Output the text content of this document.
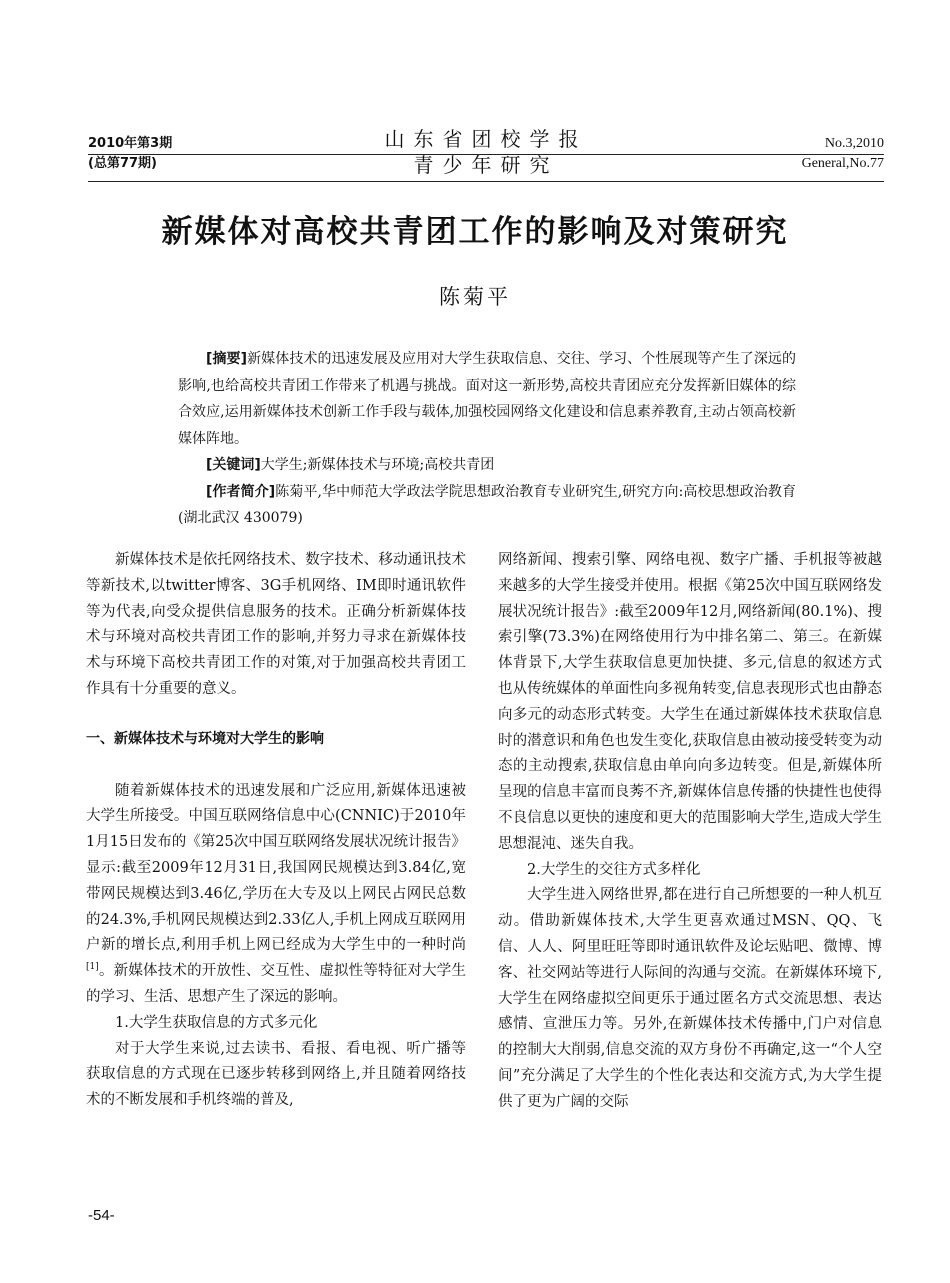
2010年第3期
(总第77期)
山东省团校学报
青少年研究
No.3,2010
General,No.77
新媒体对高校共青团工作的影响及对策研究
陈菊平

[摘要]新媒体技术的迅速发展及应用对大学生获取信息、交往、学习、个性展现等产生了深远的影响,也给高校共青团工作带来了机遇与挑战。面对这一新形势,高校共青团应充分发挥新旧媒体的综合效应,运用新媒体技术创新工作手段与载体,加强校园网络文化建设和信息素养教育,主动占领高校新媒体阵地。

[关键词]大学生;新媒体技术与环境;高校共青团

[作者简介]陈菊平,华中师范大学政法学院思想政治教育专业研究生,研究方向:高校思想政治教育(湖北武汉 430079)

新媒体技术是依托网络技术、数字技术、移动通讯技术等新技术,以twitter博客、3G手机网络、IM即时通讯软件等为代表,向受众提供信息服务的技术。正确分析新媒体技术与环境对高校共青团工作的影响,并努力寻求在新媒体技术与环境下高校共青团工作的对策,对于加强高校共青团工作具有十分重要的意义。

一、新媒体技术与环境对大学生的影响

随着新媒体技术的迅速发展和广泛应用,新媒体迅速被大学生所接受。中国互联网络信息中心(CNNIC)于2010年1月15日发布的《第25次中国互联网络发展状况统计报告》显示:截至2009年12月31日,我国网民规模达到3.84亿,宽带网民规模达到3.46亿,学历在大专及以上网民占网民总数的24.3%,手机网民规模达到2.33亿人,手机上网成互联网用户新的增长点,利用手机上网已经成为大学生中的一种时尚[1]。新媒体技术的开放性、交互性、虚拟性等特征对大学生的学习、生活、思想产生了深远的影响。

1.大学生获取信息的方式多元化

对于大学生来说,过去读书、看报、看电视、听广播等获取信息的方式现在已逐步转移到网络上,并且随着网络技术的不断发展和手机终端的普及,

网络新闻、搜索引擎、网络电视、数字广播、手机报等被越来越多的大学生接受并使用。根据《第25次中国互联网络发展状况统计报告》:截至2009年12月,网络新闻(80.1%)、搜索引擎(73.3%)在网络使用行为中排名第二、第三。在新媒体背景下,大学生获取信息更加快捷、多元,信息的叙述方式也从传统媒体的单面性向多视角转变,信息表现形式也由静态向多元的动态形式转变。大学生在通过新媒体技术获取信息时的潜意识和角色也发生变化,获取信息由被动接受转变为动态的主动搜索,获取信息由单向向多边转变。但是,新媒体所呈现的信息丰富而良莠不齐,新媒体信息传播的快捷性也使得不良信息以更快的速度和更大的范围影响大学生,造成大学生思想混沌、迷失自我。

2.大学生的交往方式多样化

大学生进入网络世界,都在进行自己所想要的一种人机互动。借助新媒体技术,大学生更喜欢通过MSN、QQ、飞信、人人、阿里旺旺等即时通讯软件及论坛贴吧、微博、博客、社交网站等进行人际间的沟通与交流。在新媒体环境下,大学生在网络虚拟空间更乐于通过匿名方式交流思想、表达感情、宣泄压力等。另外,在新媒体技术传播中,门户对信息的控制大大削弱,信息交流的双方身份不再确定,这一“个人空间”充分满足了大学生的个性化表达和交流方式,为大学生提供了更为广阔的交际

-54-
